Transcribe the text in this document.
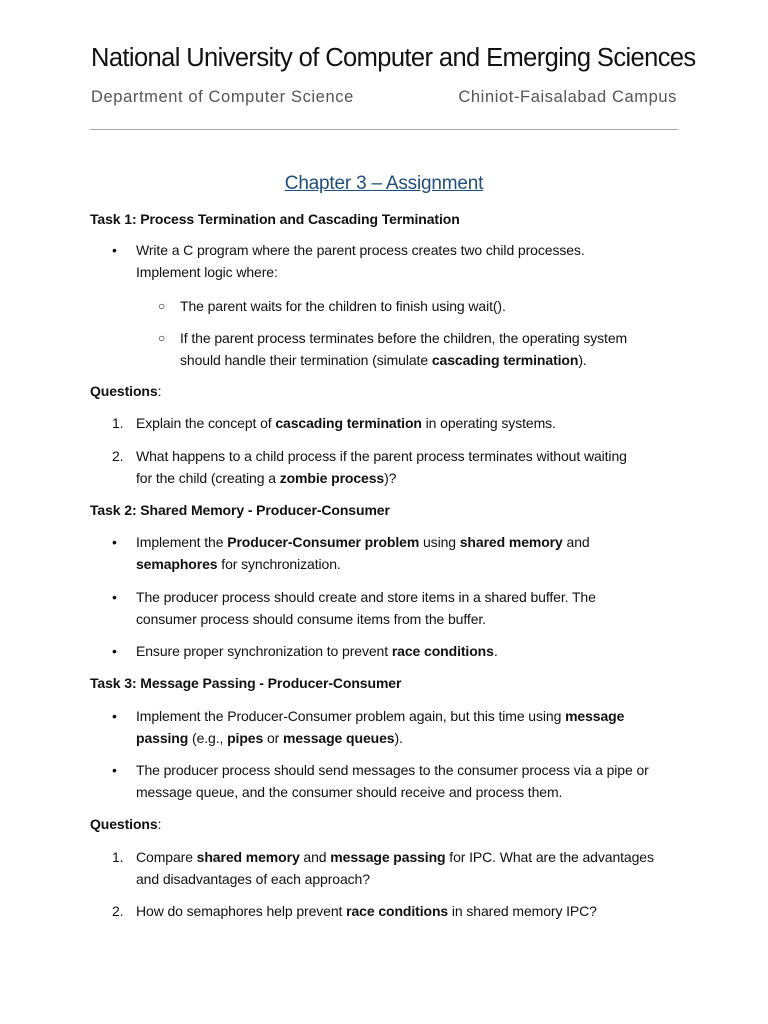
National University of Computer and Emerging Sciences
Department of Computer Science	Chiniot-Faisalabad Campus
Chapter 3 – Assignment
Task 1: Process Termination and Cascading Termination
• Write a C program where the parent process creates two child processes.
Implement logic where:
○ The parent waits for the children to finish using wait().
○ If the parent process terminates before the children, the operating system
should handle their termination (simulate cascading termination).
Questions:
1. Explain the concept of cascading termination in operating systems.
2. What happens to a child process if the parent process terminates without waiting
for the child (creating a zombie process)?
Task 2: Shared Memory - Producer-Consumer
• Implement the Producer-Consumer problem using shared memory and
semaphores for synchronization.
• The producer process should create and store items in a shared buffer. The
consumer process should consume items from the buffer.
• Ensure proper synchronization to prevent race conditions.
Task 3: Message Passing - Producer-Consumer
• Implement the Producer-Consumer problem again, but this time using message
passing (e.g., pipes or message queues).
• The producer process should send messages to the consumer process via a pipe or
message queue, and the consumer should receive and process them.
Questions:
1. Compare shared memory and message passing for IPC. What are the advantages
and disadvantages of each approach?
2. How do semaphores help prevent race conditions in shared memory IPC?
